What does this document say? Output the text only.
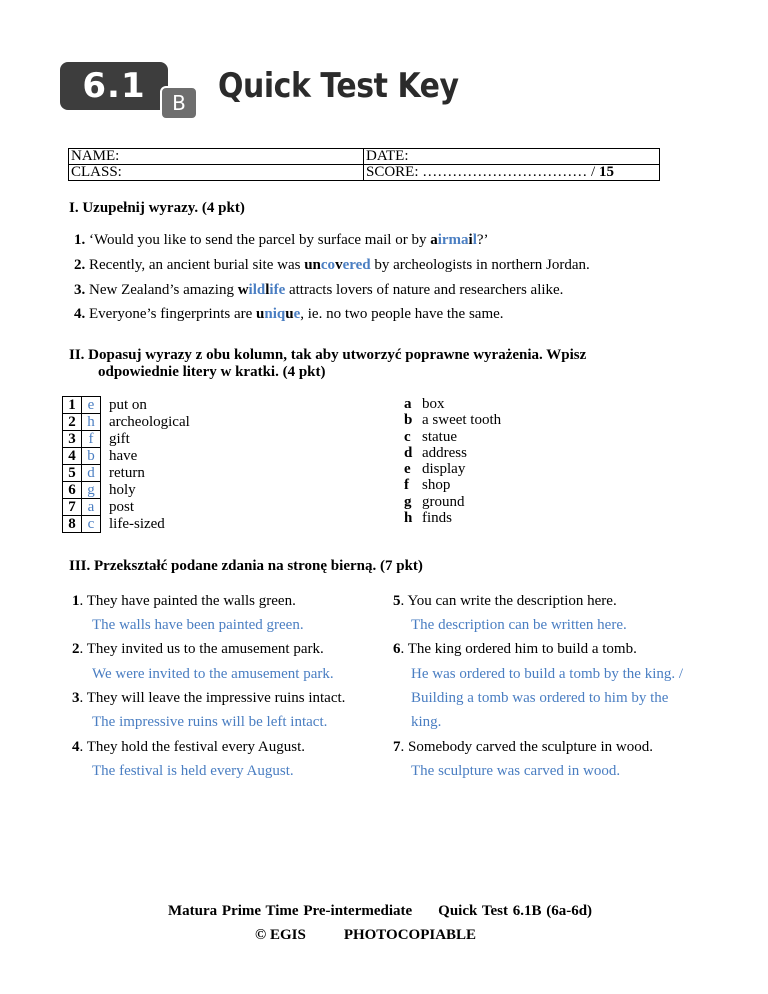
6.1	B Quick Test Key
NAME:	DATE:
CLASS:	SCORE: …………………………… / 15
I. Uzupełnij wyrazy. (4 pkt)
1. ‘Would you like to send the parcel by surface mail or by airmail?’
2. Recently, an ancient burial site was uncovered by archeologists in northern Jordan.
3. New Zealand’s amazing wildlife attracts lovers of nature and researchers alike.
4. Everyone’s fingerprints are unique, ie. no two people have the same.
II. Dopasuj wyrazy z obu kolumn, tak aby utworzyć poprawne wyrażenia. Wpisz
odpowiednie litery w kratki. (4 pkt)
1	e	put on
2	h	archeological
3	f	gift
4	b	have
5	d	return
6	g	holy
7	a	post
8	c	life-sized
a box
b a sweet tooth
c statue
d address
e display
f shop
g ground
h finds
III. Przekształć podane zdania na stronę bierną. (7 pkt)
1. They have painted the walls green.
The walls have been painted green.
2. They invited us to the amusement park.
We were invited to the amusement park.
3. They will leave the impressive ruins intact.
The impressive ruins will be left intact.
4. They hold the festival every August.
The festival is held every August.
5. You can write the description here.
The description can be written here.
6. The king ordered him to build a tomb.
He was ordered to build a tomb by the king. /
Building a tomb was ordered to him by the
king.
7. Somebody carved the sculpture in wood.
The sculpture was carved in wood.
Matura Prime Time Pre-intermediate Quick Test 6.1B (6a-6d)
© EGIS	PHOTOCOPIABLE
